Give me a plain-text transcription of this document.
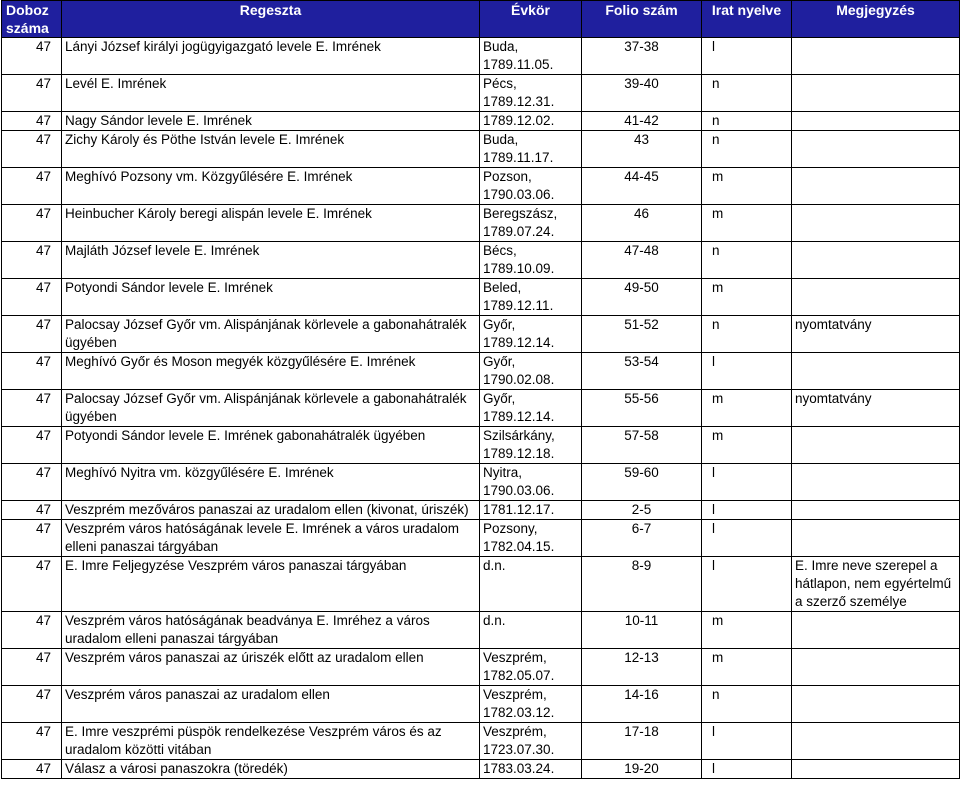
Doboz száma	Regeszta	Évkör	Folio szám	Irat nyelve	Megjegyzés
47	Lányi József királyi jogügyigazgató levele E. Imrének	Buda, 1789.11.05.	37-38	l	
47	Levél E. Imrének	Pécs, 1789.12.31.	39-40	n	
47	Nagy Sándor levele E. Imrének	1789.12.02.	41-42	n	
47	Zichy Károly és Pöthe István levele E. Imrének	Buda, 1789.11.17.	43	n	
47	Meghívó Pozsony vm. Közgyűlésére E. Imrének	Pozson, 1790.03.06.	44-45	m	
47	Heinbucher Károly beregi alispán levele E. Imrének	Beregszász, 1789.07.24.	46	m	
47	Majláth József levele E. Imrének	Bécs, 1789.10.09.	47-48	n	
47	Potyondi Sándor levele E. Imrének	Beled, 1789.12.11.	49-50	m	
47	Palocsay József Győr vm. Alispánjának körlevele a gabonahátralék ügyében	Győr, 1789.12.14.	51-52	n	nyomtatvány
47	Meghívó Győr és Moson megyék közgyűlésére E. Imrének	Győr, 1790.02.08.	53-54	l	
47	Palocsay József Győr vm. Alispánjának körlevele a gabonahátralék ügyében	Győr, 1789.12.14.	55-56	m	nyomtatvány
47	Potyondi Sándor levele E. Imrének gabonahátralék ügyében	Szilsárkány, 1789.12.18.	57-58	m	
47	Meghívó Nyitra vm. közgyűlésére E. Imrének	Nyitra, 1790.03.06.	59-60	l	
47	Veszprém mezőváros panaszai az uradalom ellen (kivonat, úriszék)	1781.12.17.	2-5	l	
47	Veszprém város hatóságának levele E. Imrének a város uradalom elleni panaszai tárgyában	Pozsony, 1782.04.15.	6-7	l	
47	E. Imre Feljegyzése Veszprém város panaszai tárgyában	d.n.	8-9	l	E. Imre neve szerepel a hátlapon, nem egyértelmű a szerző személye
47	Veszprém város hatóságának beadványa E. Imréhez a város uradalom elleni panaszai tárgyában	d.n.	10-11	m	
47	Veszprém város panaszai az úriszék előtt az uradalom ellen	Veszprém, 1782.05.07.	12-13	m	
47	Veszprém város panaszai az uradalom ellen	Veszprém, 1782.03.12.	14-16	n	
47	E. Imre veszprémi püspök rendelkezése Veszprém város és az uradalom közötti vitában	Veszprém, 1723.07.30.	17-18	l	
47	Válasz a városi panaszokra (töredék)	1783.03.24.	19-20	l	
